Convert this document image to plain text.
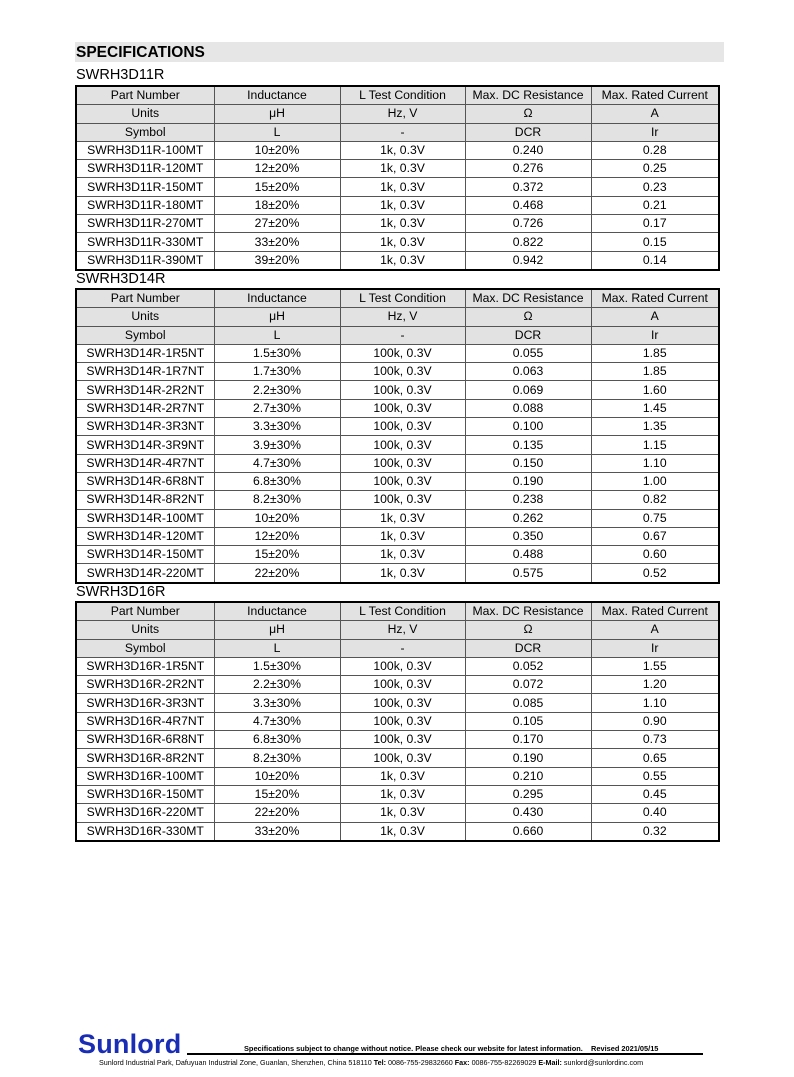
SPECIFICATIONS
SWRH3D11R
Part Number	Inductance	L Test Condition	Max. DC Resistance	Max. Rated Current
Units	μH	Hz, V	Ω	A
Symbol	L	-	DCR	Ir
SWRH3D11R-100MT	10±20%	1k, 0.3V	0.240	0.28
SWRH3D11R-120MT	12±20%	1k, 0.3V	0.276	0.25
SWRH3D11R-150MT	15±20%	1k, 0.3V	0.372	0.23
SWRH3D11R-180MT	18±20%	1k, 0.3V	0.468	0.21
SWRH3D11R-270MT	27±20%	1k, 0.3V	0.726	0.17
SWRH3D11R-330MT	33±20%	1k, 0.3V	0.822	0.15
SWRH3D11R-390MT	39±20%	1k, 0.3V	0.942	0.14
SWRH3D14R
Part Number	Inductance	L Test Condition	Max. DC Resistance	Max. Rated Current
Units	μH	Hz, V	Ω	A
Symbol	L	-	DCR	Ir
SWRH3D14R-1R5NT	1.5±30%	100k, 0.3V	0.055	1.85
SWRH3D14R-1R7NT	1.7±30%	100k, 0.3V	0.063	1.85
SWRH3D14R-2R2NT	2.2±30%	100k, 0.3V	0.069	1.60
SWRH3D14R-2R7NT	2.7±30%	100k, 0.3V	0.088	1.45
SWRH3D14R-3R3NT	3.3±30%	100k, 0.3V	0.100	1.35
SWRH3D14R-3R9NT	3.9±30%	100k, 0.3V	0.135	1.15
SWRH3D14R-4R7NT	4.7±30%	100k, 0.3V	0.150	1.10
SWRH3D14R-6R8NT	6.8±30%	100k, 0.3V	0.190	1.00
SWRH3D14R-8R2NT	8.2±30%	100k, 0.3V	0.238	0.82
SWRH3D14R-100MT	10±20%	1k, 0.3V	0.262	0.75
SWRH3D14R-120MT	12±20%	1k, 0.3V	0.350	0.67
SWRH3D14R-150MT	15±20%	1k, 0.3V	0.488	0.60
SWRH3D14R-220MT	22±20%	1k, 0.3V	0.575	0.52
SWRH3D16R
Part Number	Inductance	L Test Condition	Max. DC Resistance	Max. Rated Current
Units	μH	Hz, V	Ω	A
Symbol	L	-	DCR	Ir
SWRH3D16R-1R5NT	1.5±30%	100k, 0.3V	0.052	1.55
SWRH3D16R-2R2NT	2.2±30%	100k, 0.3V	0.072	1.20
SWRH3D16R-3R3NT	3.3±30%	100k, 0.3V	0.085	1.10
SWRH3D16R-4R7NT	4.7±30%	100k, 0.3V	0.105	0.90
SWRH3D16R-6R8NT	6.8±30%	100k, 0.3V	0.170	0.73
SWRH3D16R-8R2NT	8.2±30%	100k, 0.3V	0.190	0.65
SWRH3D16R-100MT	10±20%	1k, 0.3V	0.210	0.55
SWRH3D16R-150MT	15±20%	1k, 0.3V	0.295	0.45
SWRH3D16R-220MT	22±20%	1k, 0.3V	0.430	0.40
SWRH3D16R-330MT	33±20%	1k, 0.3V	0.660	0.32
Sunlord	Specifications subject to change without notice. Please check our website for latest information. Revised 2021/05/15
Sunlord Industrial Park, Dafuyuan Industrial Zone, Guanlan, Shenzhen, China 518110 Tel: 0086-755-29832660 Fax: 0086-755-82269029 E-Mail: sunlord@sunlordinc.com
